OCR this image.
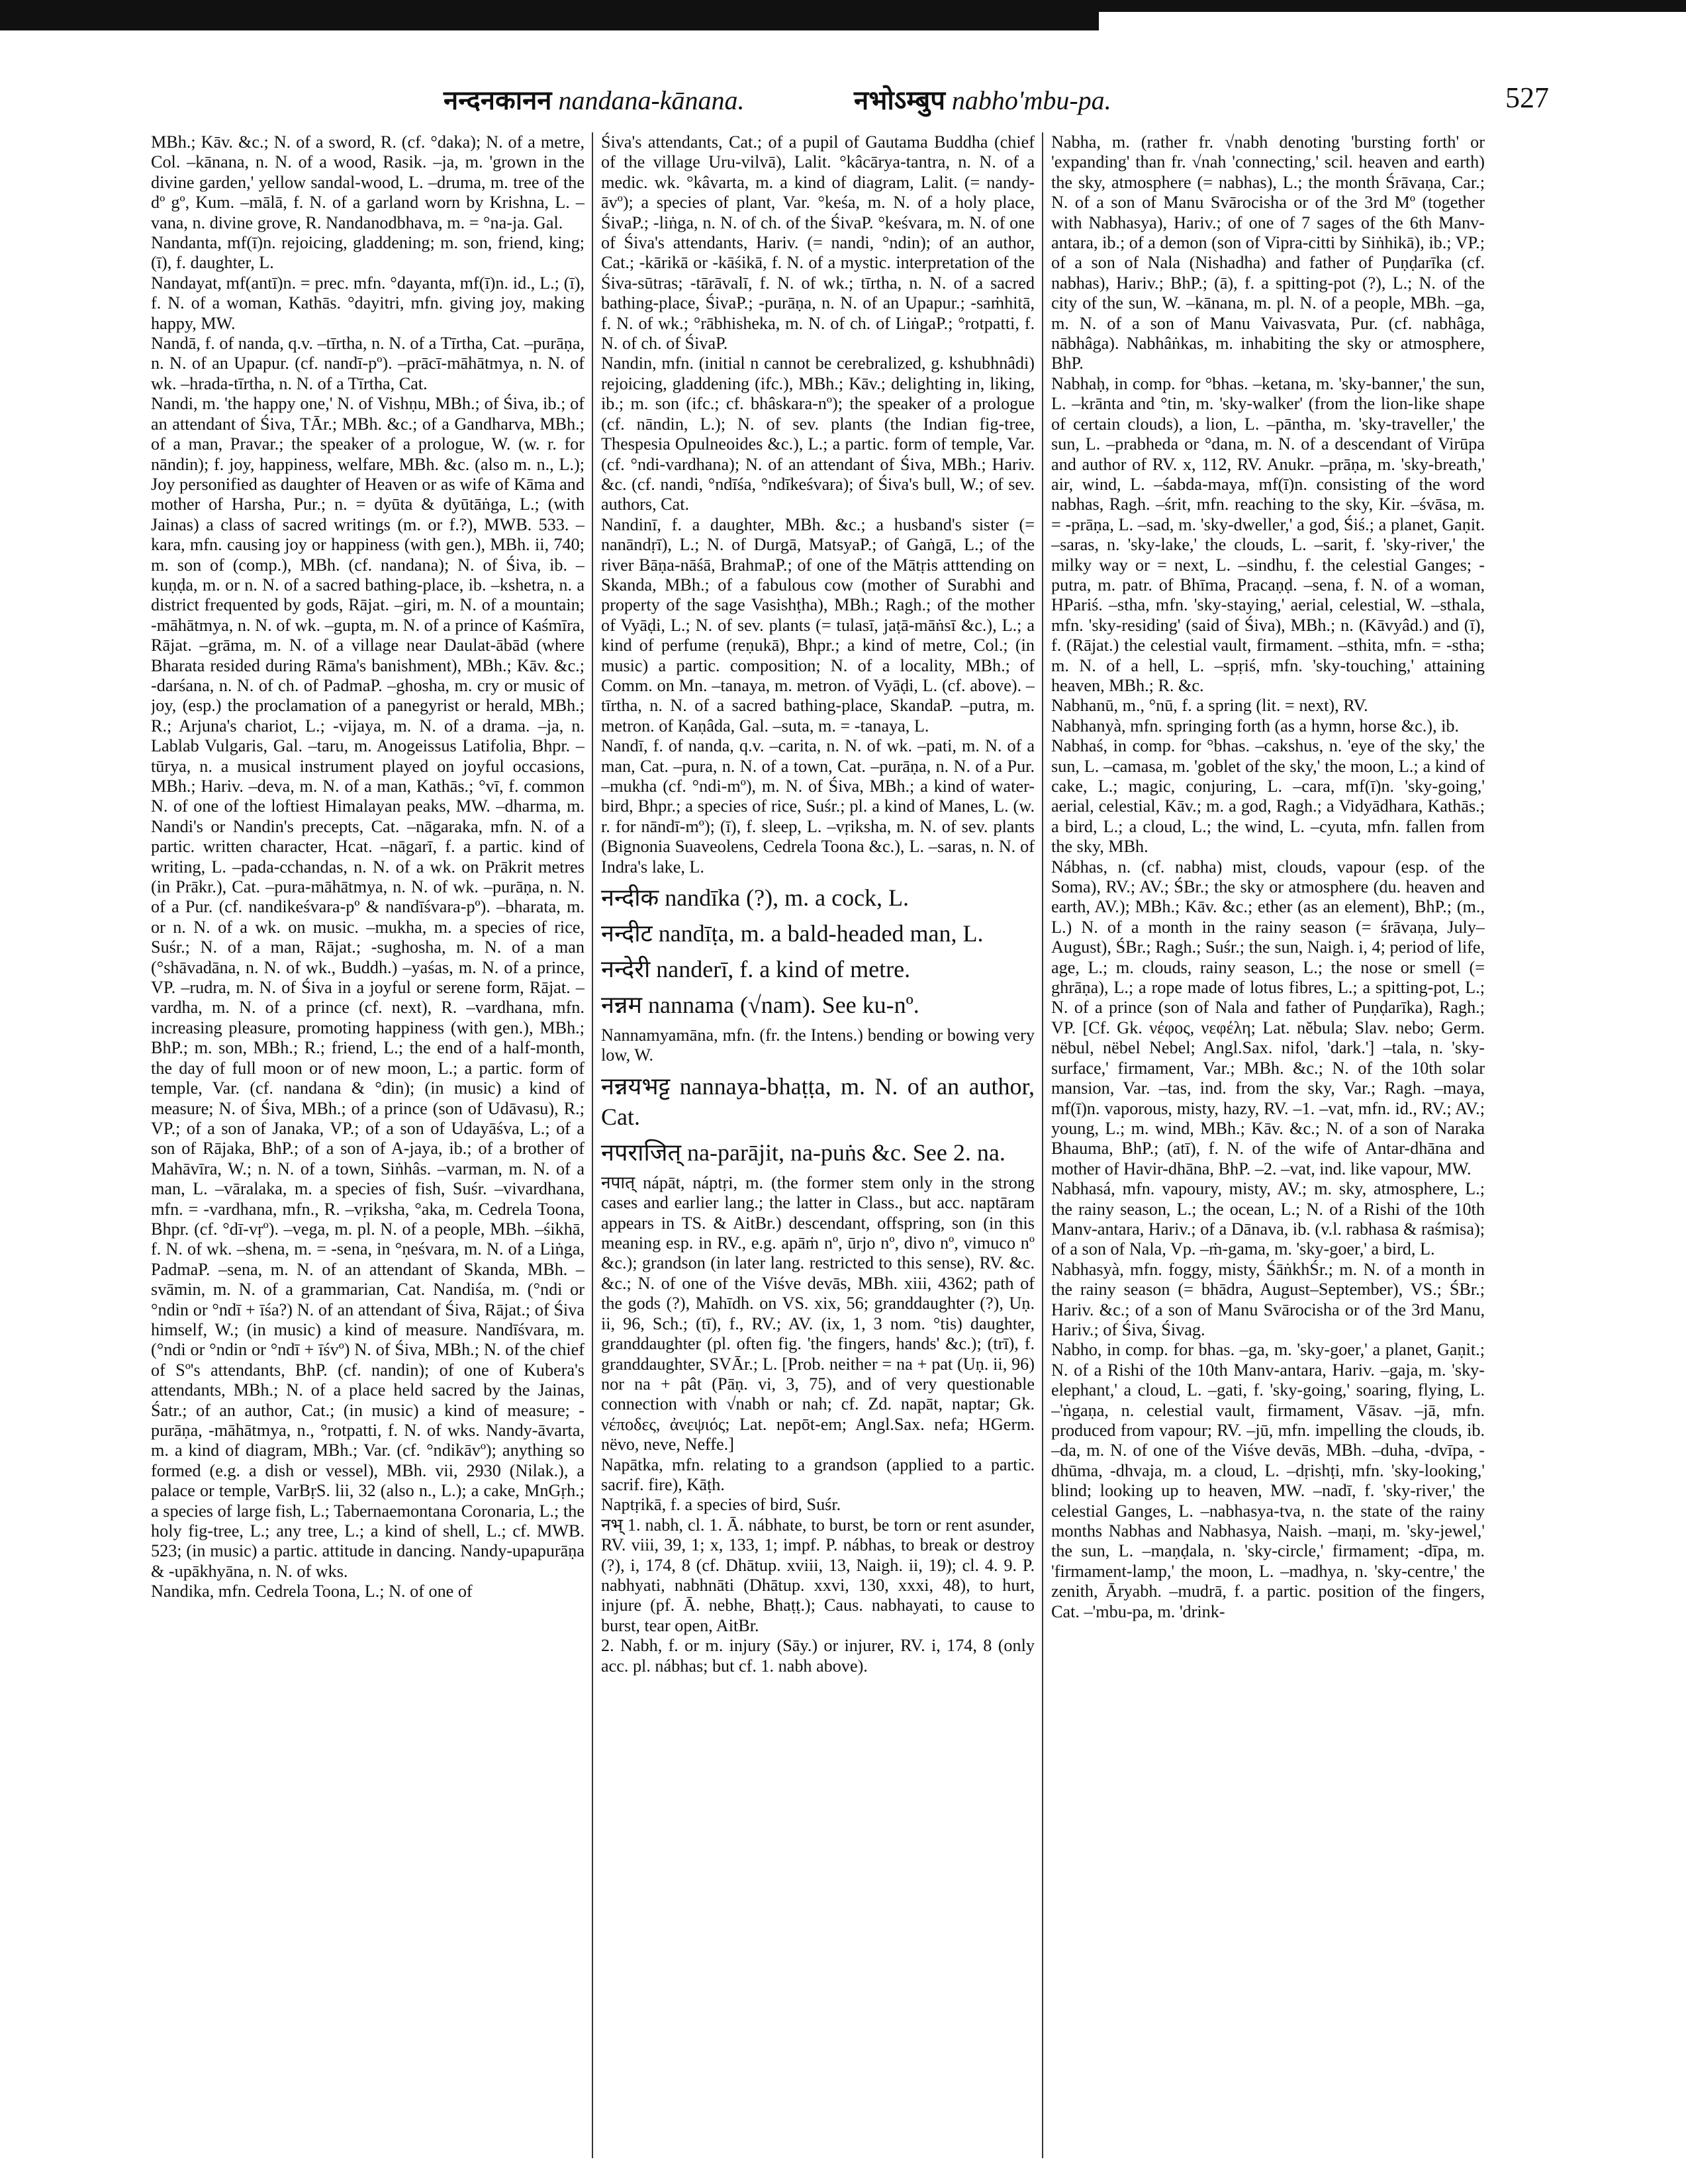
नन्दनकानन nandana-kānana.	नभोऽम्बुप nabho'mbu-pa.	527

MBh.; Kāv. &c.; N. of a sword, R. (cf. °daka); N. of a metre, Col. –kānana, n. N. of a wood, Rasik. –ja, m. 'grown in the divine garden,' yellow sandal-wood, L. –druma, m. tree of the dº gº, Kum. –mālā, f. N. of a garland worn by Krishna, L. –vana, n. divine grove, R. Nandanodbhava, m. = °na-ja. Gal.

Nandanta, mf(ī)n. rejoicing, gladdening; m. son, friend, king; (ī), f. daughter, L.

Nandayat, mf(antī)n. = prec. mfn. °dayanta, mf(ī)n. id., L.; (ī), f. N. of a woman, Kathās. °dayitri, mfn. giving joy, making happy, MW.

Nandā, f. of nanda, q.v. –tīrtha, n. N. of a Tīrtha, Cat. –purāṇa, n. N. of an Upapur. (cf. nandī-pº). –prācī-māhātmya, n. N. of wk. –hrada-tīrtha, n. N. of a Tīrtha, Cat.

Nandi, m. 'the happy one,' N. of Vishṇu, MBh.; of Śiva, ib.; of an attendant of Śiva, TĀr.; MBh. &c.; of a Gandharva, MBh.; of a man, Pravar.; the speaker of a prologue, W. (w. r. for nāndin); f. joy, happiness, welfare, MBh. &c. (also m. n., L.); Joy personified as daughter of Heaven or as wife of Kāma and mother of Harsha, Pur.; n. = dyūta & dyūtāṅga, L.; (with Jainas) a class of sacred writings (m. or f.?), MWB. 533. –kara, mfn. causing joy or happiness (with gen.), MBh. ii, 740; m. son of (comp.), MBh. (cf. nandana); N. of Śiva, ib. –kuṇḍa, m. or n. N. of a sacred bathing-place, ib. –kshetra, n. a district frequented by gods, Rājat. –giri, m. N. of a mountain; -māhātmya, n. N. of wk. –gupta, m. N. of a prince of Kaśmīra, Rājat. –grāma, m. N. of a village near Daulat-ābād (where Bharata resided during Rāma's banishment), MBh.; Kāv. &c.; -darśana, n. N. of ch. of PadmaP. –ghosha, m. cry or music of joy, (esp.) the proclamation of a panegyrist or herald, MBh.; R.; Arjuna's chariot, L.; -vijaya, m. N. of a drama. –ja, n. Lablab Vulgaris, Gal. –taru, m. Anogeissus Latifolia, Bhpr. –tūrya, n. a musical instrument played on joyful occasions, MBh.; Hariv. –deva, m. N. of a man, Kathās.; °vī, f. common N. of one of the loftiest Himalayan peaks, MW. –dharma, m. Nandi's or Nandin's precepts, Cat. –nāgaraka, mfn. N. of a partic. written character, Hcat. –nāgarī, f. a partic. kind of writing, L. –pada-cchandas, n. N. of a wk. on Prākrit metres (in Prākr.), Cat. –pura-māhātmya, n. N. of wk. –purāṇa, n. N. of a Pur. (cf. nandikeśvara-pº & nandīśvara-pº). –bharata, m. or n. N. of a wk. on music. –mukha, m. a species of rice, Suśr.; N. of a man, Rājat.; -sughosha, m. N. of a man (°shāvadāna, n. N. of wk., Buddh.) –yaśas, m. N. of a prince, VP. –rudra, m. N. of Śiva in a joyful or serene form, Rājat. –vardha, m. N. of a prince (cf. next), R. –vardhana, mfn. increasing pleasure, promoting happiness (with gen.), MBh.; BhP.; m. son, MBh.; R.; friend, L.; the end of a half-month, the day of full moon or of new moon, L.; a partic. form of temple, Var. (cf. nandana & °din); (in music) a kind of measure; N. of Śiva, MBh.; of a prince (son of Udāvasu), R.; VP.; of a son of Janaka, VP.; of a son of Udayāśva, L.; of a son of Rājaka, BhP.; of a son of A-jaya, ib.; of a brother of Mahāvīra, W.; n. N. of a town, Siṅhâs. –varman, m. N. of a man, L. –vāralaka, m. a species of fish, Suśr. –vivardhana, mfn. = -vardhana, mfn., R. –vṛiksha, °aka, m. Cedrela Toona, Bhpr. (cf. °dī-vṛº). –vega, m. pl. N. of a people, MBh. –śikhā, f. N. of wk. –shena, m. = -sena, in °ṇeśvara, m. N. of a Liṅga, PadmaP. –sena, m. N. of an attendant of Skanda, MBh. –svāmin, m. N. of a grammarian, Cat. Nandiśa, m. (°ndi or °ndin or °ndī + īśa?) N. of an attendant of Śiva, Rājat.; of Śiva himself, W.; (in music) a kind of measure. Nandīśvara, m. (°ndi or °ndin or °ndī + īśvº) N. of Śiva, MBh.; N. of the chief of Sº's attendants, BhP. (cf. nandin); of one of Kubera's attendants, MBh.; N. of a place held sacred by the Jainas, Śatr.; of an author, Cat.; (in music) a kind of measure; -purāṇa, -māhātmya, n., °rotpatti, f. N. of wks. Nandy-āvarta, m. a kind of diagram, MBh.; Var. (cf. °ndikāvº); anything so formed (e.g. a dish or vessel), MBh. vii, 2930 (Nilak.), a palace or temple, VarBṛS. lii, 32 (also n., L.); a cake, MnGṛh.; a species of large fish, L.; Tabernaemontana Coronaria, L.; the holy fig-tree, L.; any tree, L.; a kind of shell, L.; cf. MWB. 523; (in music) a partic. attitude in dancing. Nandy-upapurāṇa & -upākhyāna, n. N. of wks.

Nandika, mfn. Cedrela Toona, L.; N. of one of

Śiva's attendants, Cat.; of a pupil of Gautama Buddha (chief of the village Uru-vilvā), Lalit. °kâcārya-tantra, n. N. of a medic. wk. °kâvarta, m. a kind of diagram, Lalit. (= nandy-āvº); a species of plant, Var. °keśa, m. N. of a holy place, ŚivaP.; -liṅga, n. N. of ch. of the ŚivaP. °keśvara, m. N. of one of Śiva's attendants, Hariv. (= nandi, °ndin); of an author, Cat.; -kārikā or -kāśikā, f. N. of a mystic. interpretation of the Śiva-sūtras; -tārāvalī, f. N. of wk.; tīrtha, n. N. of a sacred bathing-place, ŚivaP.; -purāṇa, n. N. of an Upapur.; -saṁhitā, f. N. of wk.; °rābhisheka, m. N. of ch. of LiṅgaP.; °rotpatti, f. N. of ch. of ŚivaP.

Nandin, mfn. (initial n cannot be cerebralized, g. kshubhnâdi) rejoicing, gladdening (ifc.), MBh.; Kāv.; delighting in, liking, ib.; m. son (ifc.; cf. bhâskara-nº); the speaker of a prologue (cf. nāndin, L.); N. of sev. plants (the Indian fig-tree, Thespesia Opulneoides &c.), L.; a partic. form of temple, Var. (cf. °ndi-vardhana); N. of an attendant of Śiva, MBh.; Hariv. &c. (cf. nandi, °ndīśa, °ndīkeśvara); of Śiva's bull, W.; of sev. authors, Cat.

Nandinī, f. a daughter, MBh. &c.; a husband's sister (= nanāndṛī), L.; N. of Durgā, MatsyaP.; of Gaṅgā, L.; of the river Bāṇa-nāśā, BrahmaP.; of one of the Mātṛis atttending on Skanda, MBh.; of a fabulous cow (mother of Surabhi and property of the sage Vasishṭha), MBh.; Ragh.; of the mother of Vyāḍi, L.; N. of sev. plants (= tulasī, jaṭā-māṅsī &c.), L.; a kind of perfume (reṇukā), Bhpr.; a kind of metre, Col.; (in music) a partic. composition; N. of a locality, MBh.; of Comm. on Mn. –tanaya, m. metron. of Vyāḍi, L. (cf. above). –tīrtha, n. N. of a sacred bathing-place, SkandaP. –putra, m. metron. of Kaṇâda, Gal. –suta, m. = -tanaya, L.

Nandī, f. of nanda, q.v. –carita, n. N. of wk. –pati, m. N. of a man, Cat. –pura, n. N. of a town, Cat. –purāṇa, n. N. of a Pur. –mukha (cf. °ndi-mº), m. N. of Śiva, MBh.; a kind of water-bird, Bhpr.; a species of rice, Suśr.; pl. a kind of Manes, L. (w. r. for nāndī-mº); (ī), f. sleep, L. –vṛiksha, m. N. of sev. plants (Bignonia Suaveolens, Cedrela Toona &c.), L. –saras, n. N. of Indra's lake, L.

नन्दीक nandīka (?), m. a cock, L.

नन्दीट nandīṭa, m. a bald-headed man, L.

नन्देरी nanderī, f. a kind of metre.

नन्नम nannama (√nam). See ku-nº.

Nannamyamāna, mfn. (fr. the Intens.) bending or bowing very low, W.

नन्नयभट्ट nannaya-bhaṭṭa, m. N. of an author, Cat.

नपराजित् na-parājit, na-puṅs &c. See 2. na.

नपात् nápāt, náptṛi, m. (the former stem only in the strong cases and earlier lang.; the latter in Class., but acc. naptāram appears in TS. & AitBr.) descendant, offspring, son (in this meaning esp. in RV., e.g. apāṁ nº, ūrjo nº, divo nº, vimuco nº &c.); grandson (in later lang. restricted to this sense), RV. &c. &c.; N. of one of the Viśve devās, MBh. xiii, 4362; path of the gods (?), Mahīdh. on VS. xix, 56; granddaughter (?), Uṇ. ii, 96, Sch.; (tī), f., RV.; AV. (ix, 1, 3 nom. °tis) daughter, granddaughter (pl. often fig. 'the fingers, hands' &c.); (trī), f. granddaughter, SVĀr.; L. [Prob. neither = na + pat (Uṇ. ii, 96) nor na + pât (Pāṇ. vi, 3, 75), and of very questionable connection with √nabh or nah; cf. Zd. napāt, naptar; Gk. νέποδες, ἀνεψιός; Lat. nepōt-em; Angl.Sax. nefa; HGerm. nëvo, neve, Neffe.]

Napātka, mfn. relating to a grandson (applied to a partic. sacrif. fire), Kāṭh.

Naptṛikā, f. a species of bird, Suśr.

नभ् 1. nabh, cl. 1. Ā. nábhate, to burst, be torn or rent asunder, RV. viii, 39, 1; x, 133, 1; impf. P. nábhas, to break or destroy (?), i, 174, 8 (cf. Dhātup. xviii, 13, Naigh. ii, 19); cl. 4. 9. P. nabhyati, nabhnāti (Dhātup. xxvi, 130, xxxi, 48), to hurt, injure (pf. Ā. nebhe, Bhaṭṭ.); Caus. nabhayati, to cause to burst, tear open, AitBr.

2. Nabh, f. or m. injury (Sāy.) or injurer, RV. i, 174, 8 (only acc. pl. nábhas; but cf. 1. nabh above).

Nabha, m. (rather fr. √nabh denoting 'bursting forth' or 'expanding' than fr. √nah 'connecting,' scil. heaven and earth) the sky, atmosphere (= nabhas), L.; the month Śrāvaṇa, Car.; N. of a son of Manu Svārocisha or of the 3rd Mº (together with Nabhasya), Hariv.; of one of 7 sages of the 6th Manv-antara, ib.; of a demon (son of Vipra-citti by Siṅhikā), ib.; VP.; of a son of Nala (Nishadha) and father of Puṇḍarīka (cf. nabhas), Hariv.; BhP.; (ā), f. a spitting-pot (?), L.; N. of the city of the sun, W. –kānana, m. pl. N. of a people, MBh. –ga, m. N. of a son of Manu Vaivasvata, Pur. (cf. nabhâga, nābhâga). Nabhâṅkas, m. inhabiting the sky or atmosphere, BhP.

Nabhaḥ, in comp. for °bhas. –ketana, m. 'sky-banner,' the sun, L. –krānta and °tin, m. 'sky-walker' (from the lion-like shape of certain clouds), a lion, L. –pāntha, m. 'sky-traveller,' the sun, L. –prabheda or °dana, m. N. of a descendant of Virūpa and author of RV. x, 112, RV. Anukr. –prāṇa, m. 'sky-breath,' air, wind, L. –śabda-maya, mf(ī)n. consisting of the word nabhas, Ragh. –śrit, mfn. reaching to the sky, Kir. –śvāsa, m. = -prāṇa, L. –sad, m. 'sky-dweller,' a god, Śiś.; a planet, Gaṇit. –saras, n. 'sky-lake,' the clouds, L. –sarit, f. 'sky-river,' the milky way or = next, L. –sindhu, f. the celestial Ganges; -putra, m. patr. of Bhīma, Pracaṇḍ. –sena, f. N. of a woman, HPariś. –stha, mfn. 'sky-staying,' aerial, celestial, W. –sthala, mfn. 'sky-residing' (said of Śiva), MBh.; n. (Kāvyâd.) and (ī), f. (Rājat.) the celestial vault, firmament. –sthita, mfn. = -stha; m. N. of a hell, L. –spṛiś, mfn. 'sky-touching,' attaining heaven, MBh.; R. &c.

Nabhanū, m., °nū, f. a spring (lit. = next), RV.

Nabhanyà, mfn. springing forth (as a hymn, horse &c.), ib.

Nabhaś, in comp. for °bhas. –cakshus, n. 'eye of the sky,' the sun, L. –camasa, m. 'goblet of the sky,' the moon, L.; a kind of cake, L.; magic, conjuring, L. –cara, mf(ī)n. 'sky-going,' aerial, celestial, Kāv.; m. a god, Ragh.; a Vidyādhara, Kathās.; a bird, L.; a cloud, L.; the wind, L. –cyuta, mfn. fallen from the sky, MBh.

Nábhas, n. (cf. nabha) mist, clouds, vapour (esp. of the Soma), RV.; AV.; ŚBr.; the sky or atmosphere (du. heaven and earth, AV.); MBh.; Kāv. &c.; ether (as an element), BhP.; (m., L.) N. of a month in the rainy season (= śrāvaṇa, July–August), ŚBr.; Ragh.; Suśr.; the sun, Naigh. i, 4; period of life, age, L.; m. clouds, rainy season, L.; the nose or smell (= ghrāṇa), L.; a rope made of lotus fibres, L.; a spitting-pot, L.; N. of a prince (son of Nala and father of Puṇḍarīka), Ragh.; VP. [Cf. Gk. νέφος, νεφέλη; Lat. nĕbula; Slav. nebo; Germ. nëbul, nëbel Nebel; Angl.Sax. nifol, 'dark.'] –tala, n. 'sky-surface,' firmament, Var.; MBh. &c.; N. of the 10th solar mansion, Var. –tas, ind. from the sky, Var.; Ragh. –maya, mf(ī)n. vaporous, misty, hazy, RV. –1. –vat, mfn. id., RV.; AV.; young, L.; m. wind, MBh.; Kāv. &c.; N. of a son of Naraka Bhauma, BhP.; (atī), f. N. of the wife of Antar-dhāna and mother of Havir-dhāna, BhP. –2. –vat, ind. like vapour, MW.

Nabhasá, mfn. vapoury, misty, AV.; m. sky, atmosphere, L.; the rainy season, L.; the ocean, L.; N. of a Rishi of the 10th Manv-antara, Hariv.; of a Dānava, ib. (v.l. rabhasa & raśmisa); of a son of Nala, Vp. –ṁ-gama, m. 'sky-goer,' a bird, L.

Nabhasyà, mfn. foggy, misty, ŚāṅkhŚr.; m. N. of a month in the rainy season (= bhādra, August–September), VS.; ŚBr.; Hariv. &c.; of a son of Manu Svārocisha or of the 3rd Manu, Hariv.; of Śiva, Śivag.

Nabho, in comp. for bhas. –ga, m. 'sky-goer,' a planet, Gaṇit.; N. of a Rishi of the 10th Manv-antara, Hariv. –gaja, m. 'sky-elephant,' a cloud, L. –gati, f. 'sky-going,' soaring, flying, L. –'ṅgaṇa, n. celestial vault, firmament, Vāsav. –jā, mfn. produced from vapour; RV. –jū, mfn. impelling the clouds, ib. –da, m. N. of one of the Viśve devās, MBh. –duha, -dvīpa, -dhūma, -dhvaja, m. a cloud, L. –dṛishṭi, mfn. 'sky-looking,' blind; looking up to heaven, MW. –nadī, f. 'sky-river,' the celestial Ganges, L. –nabhasya-tva, n. the state of the rainy months Nabhas and Nabhasya, Naish. –maṇi, m. 'sky-jewel,' the sun, L. –maṇḍala, n. 'sky-circle,' firmament; -dīpa, m. 'firmament-lamp,' the moon, L. –madhya, n. 'sky-centre,' the zenith, Āryabh. –mudrā, f. a partic. position of the fingers, Cat. –'mbu-pa, m. 'drink-
